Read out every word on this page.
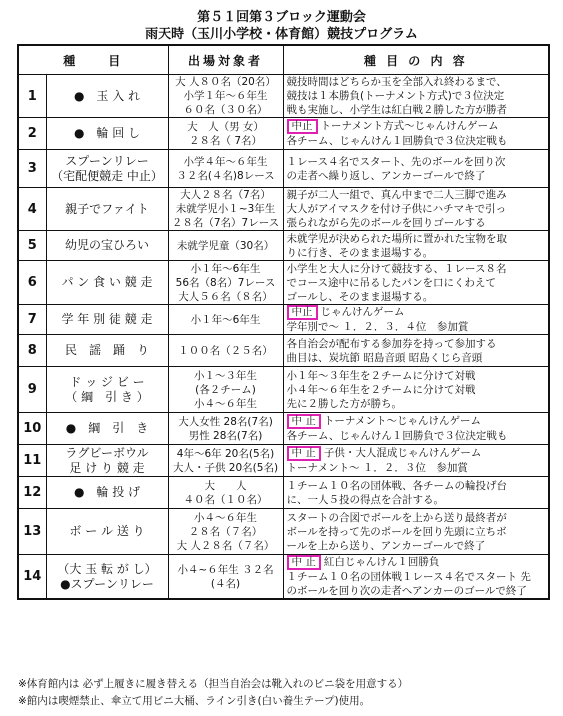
第５１回第３ブロック運動会
雨天時（玉川小学校・体育館）競技プログラム
種　　目		出場対象者	種 目 の 内 容
1	●　玉 入 れ	大 人８０名（20名）
小学１年～６年生
６０名（３０名）	競技時間はどちらか玉を全部入れ終わるまで、
競技は１本勝負(トーナメント方式)で３位決定
戦も実施し、小学生は紅白戦２勝した方が勝者
2	●　輪 回 し	大　人（男 女）
２８名（ 7名）	中止 トーナメント方式～じゃんけんゲーム
各チーム、じゃんけん１回勝負で３位決定戦も
3	スプーンリレー
（宅配便競走 中止）	小学４年～６年生
３２名(４名)8レース	１レース４名でスタート、先のボールを回り次
の走者へ繰り返し、アンカーゴールで終了
4	親子でファイト	大人２８名（7名）
未就学児小１~3年生
２８名（7名）7レース	親子が二人一組で、真ん中まで二人三脚で進み
大人がアイマスクを付け子供にハチマキで引っ
張られながら先のボールを回りゴールする
5	幼児の宝ひろい	未就学児童（30名）	未就学児が決められた場所に置かれた宝物を取
りに行き、そのまま退場する。
6	パ ン 食 い 競 走	小１年～6年生
56名（8名）7レース
大人５６名（８名）	小学生と大人に分けて競技する、１レース８名
でコース途中に吊るしたパンを口にくわえて
ゴールし、そのまま退場する。
7	学 年 別 徒 競 走	小１年～6年生	中止 じゃんけんゲーム
学年別で～ １．２．３．４位　参加賞
8	民　謡　踊　り	１００名（２５名）	各自治会が配布する参加券を持って参加する
曲目は、炭坑節 昭島音頭 昭島くじら音頭
9	ド ッ ジ ビ ー
（ 綱　引 き ）	小１～３年生
(各２チーム)
小４～６年生	小１年～３年生を２チームに分けて対戦
小４年～６年生を２チームに分けて対戦
先に２勝した方が勝ち。
10	●　綱　引　き	大人女性 28名(7名)
男性 28名(7名)	中 止 トーナメント～じゃんけんゲーム
各チーム、じゃんけん１回勝負で３位決定戦も
11	ラグビーボウル
足 け り 競 走	4年～6年 20名(5名)
大人・子供 20名(5名)	中 止 子供・大人混成じゃんけんゲーム
トーナメント～ １．２．３位　参加賞
12	●　輪 投 げ	大　　人
４０名（１０名）	１チーム１０名の団体戦、各チームの輪投げ台
に、一人５投の得点を合計する。
13	ボ ー ル 送 り	小４～６年生
２８名（７名）
大 人２８名（７名）	スタートの合図でボールを上から送り最終者が
ボールを持って先のポールを回り先頭に立ちボ
ールを上から送り、アンカーゴールで終了
14	（大 玉 転 が し）
●スプーンリレー	小４~６年生 ３２名
(４名)	中 止 紅白じゃんけん１回勝負
１チーム１０名の団体戦１レース４名でスタート 先
のボールを回り次の走者へアンカーのゴールで終了
※体育館内は 必ず上履きに履き替える（担当自治会は靴入れのビニ袋を用意する）
※館内は喫煙禁止、傘立て用ビニ大桶、ライン引き(白い養生テープ)使用。
